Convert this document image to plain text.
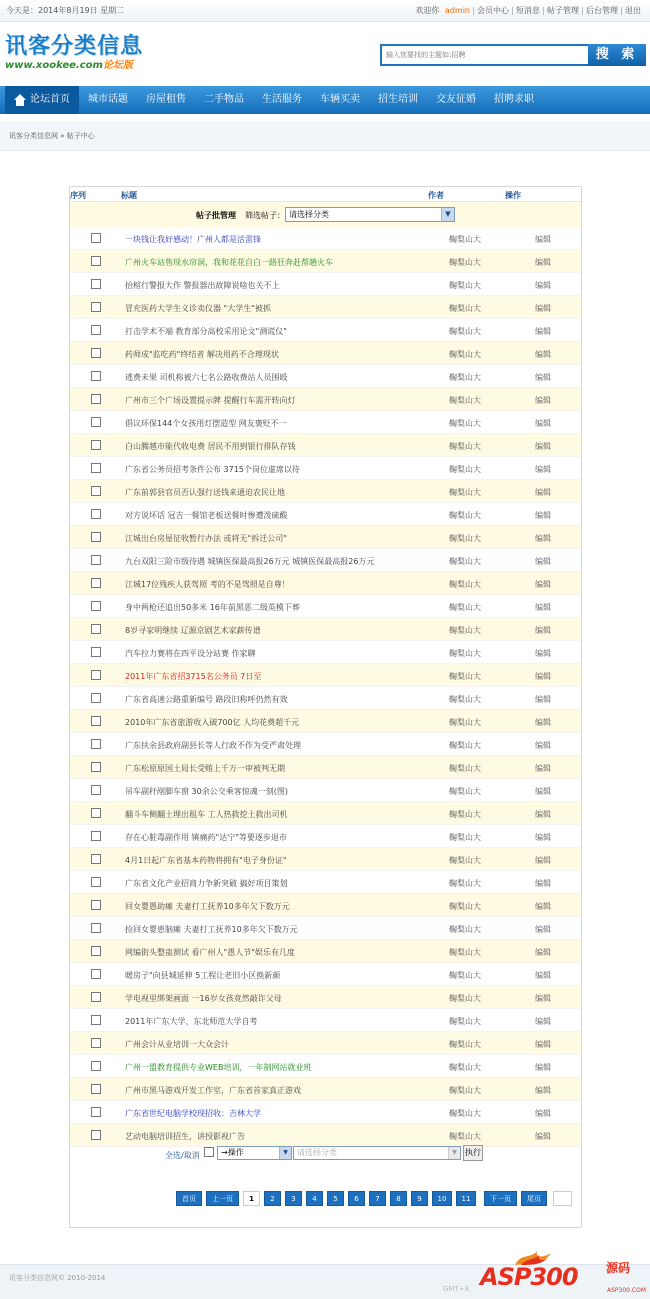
今天是：2014年8月19日 星期二	欢迎你 admin 会员中心 短消息 帖子管理 后台管理 退出
讯客分类信息
www.xookee.com论坛版
输入您要找的主题如:招聘
搜 索
论坛首页	城市话题	房屋租售	二手物品	生活服务	车辆买卖	招生培训	交友征婚	招聘求职
讯客分类信息网 » 帖子中心
序列	标题	作者	操作
帖子批管理 筛选帖子： 请选择分类	▼
一块钱让我好感动！广州人都是活雷锋	鞠梨山大	编辑
广州火车站售现水帘洞，我和花花自白一路狂奔赶帮趟火车	鞠梨山大	编辑
抬棺行警报大作 警报器出故障说啥也关不上	鞠梨山大	编辑
冒充医药大学生义诊卖仪器 "大学生"被抓	鞠梨山大	编辑
打击学术不端 教育部分高校采用论文"测谎仪"	鞠梨山大	编辑
药师成"监吃药"终结者 解决用药不合理现状	鞠梨山大	编辑
逃费未果 司机称被六七名公路收费站人员围殴	鞠梨山大	编辑
广州市三个广场设置提示牌 提醒行车需开转向灯	鞠梨山大	编辑
倡议环保144个女孩用灯摆造型 网友褒贬不一	鞠梨山大	编辑
白山腾越市能代收电费 居民不用到银行排队存钱	鞠梨山大	编辑
广东省公务员招考条件公布 3715个岗位虚席以待	鞠梨山大	编辑
广东前郭县官员否认强行送钱来通迫农民让地	鞠梨山大	编辑
对方说坏话 冠吉一餐馆老板送餐时惨遭泼硫酸	鞠梨山大	编辑
江城出台房屋征收暂行办法 或将无"拆迁公司"	鞠梨山大	编辑
九台双阳三险市级待遇 城镇医保最高报26万元 城镇医保最高报26万元	鞠梨山大	编辑
江城17位残疾人获驾照 考的不是驾照是自尊！	鞠梨山大	编辑
身中两枪还追出50多米 16年前黑恶二级英模下葬	鞠梨山大	编辑
8岁寻家明继续 辽源京剧艺术家薪传谱	鞠梨山大	编辑
汽车拉力赛将在四平设分站赛 作家聊	鞠梨山大	编辑
2011年广东省招3715名公务员 7日至	鞠梨山大	编辑
广东省高速公路重新编号 路段旧称呼仍然有效	鞠梨山大	编辑
2010年广东省旅游收入破700亿 人均花费超千元	鞠梨山大	编辑
广东扶余县政府副县长等人行政不作为受严肃处理	鞠梨山大	编辑
广东松原原国土局长受贿上千万一审被判无期	鞠梨山大	编辑
吊车副秆剐脚车窗 30余公交乘客惊魂一刻(图)	鞠梨山大	编辑
翻斗车侧翻土埋出租车 工人热救挖土救出司机	鞠梨山大	编辑
存在心脏毒副作用 镇痛药"达宁"等要逐步退市	鞠梨山大	编辑
4月1日起广东省基本药物将拥有"电子身份证"	鞠梨山大	编辑
广东省文化产业招商力争新突破 搞好项目策划	鞠梨山大	编辑
回女婴愚助瘫 夫妻打工抚养10多年欠下数万元	鞠梨山大	编辑
捡回女婴患脑瘫 夫妻打工抚养10多年欠下数万元	鞠梨山大	编辑
网编街头整蛊测试 看广州人"愚人节"娱乐有几度	鞠梨山大	编辑
暖房子"向县城延伸 5工程让老旧小区换新颜	鞠梨山大	编辑
学电视里绑架画面 一16岁女孩竟然敲诈父母	鞠梨山大	编辑
2011年广东大学、东北师范大学自考	鞠梨山大	编辑
广州会计从业培训一大众会计	鞠梨山大	编辑
广州一盟教育提供专业WEB培训，一年制网站就业班	鞠梨山大	编辑
广州市黑马游戏开发工作室，广东省首家真正游戏	鞠梨山大	编辑
广东省世纪电脑学校现招收：吉林大学	鞠梨山大	编辑
艺动电脑培训招生，讲授影视广告	鞠梨山大	编辑
全选/取消	→操作	▼	请选择分类	▼	执行
首页	上一页	1	2	3	4	5	6	7	8	9	10	11	下一页	尾页
讯客分类信息网© 2010-2014
GMT+8, ASP300 源码
ASP300.COM
